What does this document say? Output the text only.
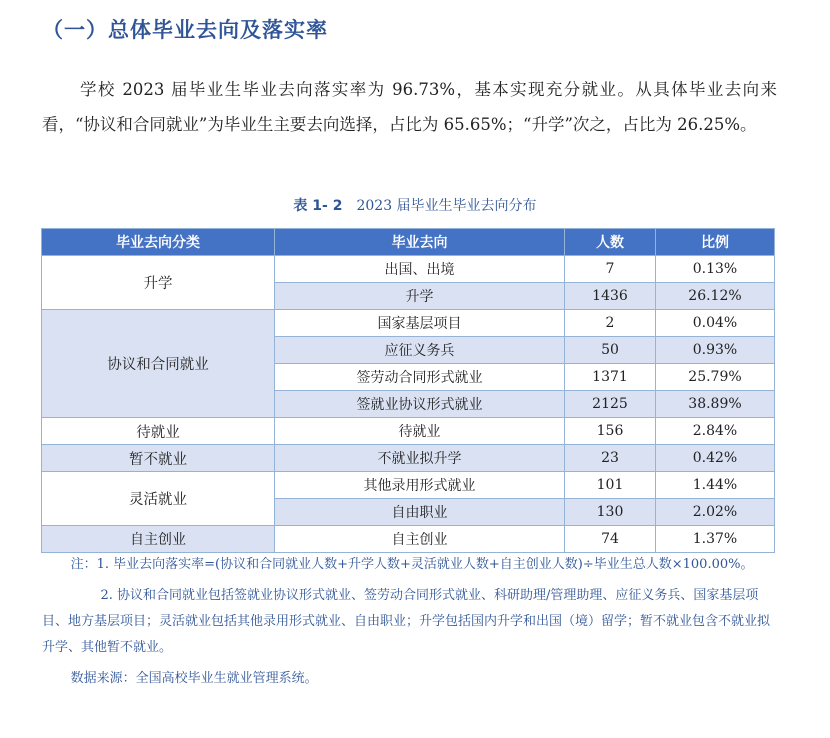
（一）总体毕业去向及落实率

学校 2023 届毕业生毕业去向落实率为 96.73%，基本实现充分就业。从具体毕业去向来看，“协议和合同就业”为毕业生主要去向选择，占比为 65.65%；“升学”次之，占比为 26.25%。

表 1- 2 2023 届毕业生毕业去向分布
毕业去向分类	毕业去向	人数	比例
升学	出国、出境	7	0.13%
	升学	1436	26.12%
协议和合同就业	国家基层项目	2	0.04%
	应征义务兵	50	0.93%
	签劳动合同形式就业	1371	25.79%
	签就业协议形式就业	2125	38.89%
待就业	待就业	156	2.84%
暂不就业	不就业拟升学	23	0.42%
灵活就业	其他录用形式就业	101	1.44%
	自由职业	130	2.02%
自主创业	自主创业	74	1.37%

注：1. 毕业去向落实率=(协议和合同就业人数+升学人数+灵活就业人数+自主创业人数)÷毕业生总人数×100.00%。

2. 协议和合同就业包括签就业协议形式就业、签劳动合同形式就业、科研助理/管理助理、应征义务兵、国家基层项目、地方基层项目；灵活就业包括其他录用形式就业、自由职业；升学包括国内升学和出国（境）留学；暂不就业包含不就业拟升学、其他暂不就业。

数据来源：全国高校毕业生就业管理系统。
